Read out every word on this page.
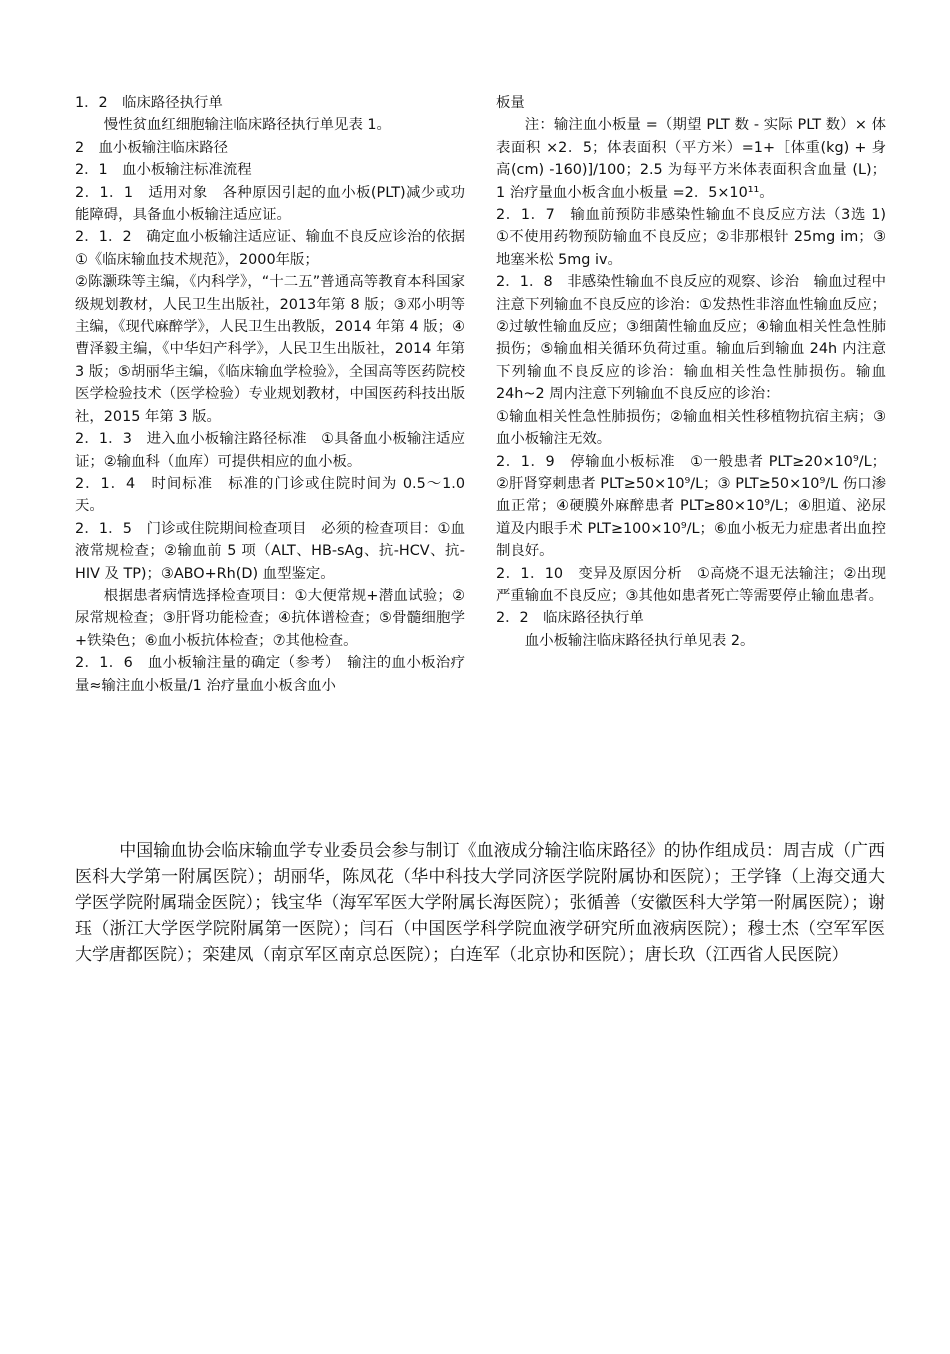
1．2　临床路径执行单

慢性贫血红细胞输注临床路径执行单见表 1。

2　血小板输注临床路径

2．1　血小板输注标准流程

2．1．1　适用对象　各种原因引起的血小板(PLT)减少或功能障碍，具备血小板输注适应证。

2．1．2　确定血小板输注适应证、输血不良反应诊治的依据　①《临床输血技术规范》，2000年版；

②陈灏珠等主编，《内科学》，“十二五”普通高等教育本科国家级规划教材，人民卫生出版社，2013年第 8 版；③邓小明等主编，《现代麻醉学》，人民卫生出教版，2014 年第 4 版；④曹泽毅主编，《中华妇产科学》，人民卫生出版社，2014 年第 3 版；⑤胡丽华主编，《临床输血学检验》，全国高等医药院校医学检验技术（医学检验）专业规划教材，中国医药科技出版社，2015 年第 3 版。

2．1．3　进入血小板输注路径标准　①具备血小板输注适应证；②输血科（血库）可提供相应的血小板。

2．1．4　时间标准　标准的门诊或住院时间为 0.5～1.0 天。

2．1．5　门诊或住院期间检查项目　必须的检查项目：①血液常规检查；②输血前 5 项（ALT、HB-sAg、抗-HCV、抗-HIV 及 TP)；③ABO+Rh(D) 血型鉴定。

根据患者病情选择检查项目：①大便常规+潜血试验；②尿常规检查；③肝肾功能检查；④抗体谱检查；⑤骨髓细胞学+铁染色；⑥血小板抗体检查；⑦其他检查。

2．1．6　血小板输注量的确定（参考）　输注的血小板治疗量≈输注血小板量/1 治疗量血小板含血小

板量

注：输注血小板量 =（期望 PLT 数 - 实际 PLT 数）× 体表面积 ×2．5；体表面积（平方米）=1+［体重(kg) + 身高(cm) -160)]/100；2.5 为每平方米体表面积含血量 (L)；1 治疗量血小板含血小板量 =2．5×10¹¹。

2．1．7　输血前预防非感染性输血不良反应方法（3选 1)　①不使用药物预防输血不良反应；②非那根针 25mg im；③地塞米松 5mg iv。

2．1．8　非感染性输血不良反应的观察、诊治　输血过程中注意下列输血不良反应的诊治：①发热性非溶血性输血反应；②过敏性输血反应；③细菌性输血反应；④输血相关性急性肺损伤；⑤输血相关循环负荷过重。输血后到输血 24h 内注意下列输血不良反应的诊治：输血相关性急性肺损伤。输血 24h~2 周内注意下列输血不良反应的诊治：

①输血相关性急性肺损伤；②输血相关性移植物抗宿主病；③血小板输注无效。

2．1．9　停输血小板标准　①一般患者 PLT≥20×10⁹/L；②肝肾穿刺患者 PLT≥50×10⁹/L；③ PLT≥50×10⁹/L 伤口渗血正常；④硬膜外麻醉患者 PLT≥80×10⁹/L；④胆道、泌尿道及内眼手术 PLT≥100×10⁹/L；⑥血小板无力症患者出血控制良好。

2．1．10　变异及原因分析　①高烧不退无法输注；②出现严重输血不良反应；③其他如患者死亡等需要停止输血患者。

2．2　临床路径执行单

血小板输注临床路径执行单见表 2。

中国输血协会临床输血学专业委员会参与制订《血液成分输注临床路径》的协作组成员：周吉成（广西医科大学第一附属医院）；胡丽华，陈凤花（华中科技大学同济医学院附属协和医院）；王学锋（上海交通大学医学院附属瑞金医院）；钱宝华（海军军医大学附属长海医院）；张循善（安徽医科大学第一附属医院）；谢珏（浙江大学医学院附属第一医院）；闫石（中国医学科学院血液学研究所血液病医院）；穆士杰（空军军医大学唐都医院）；栾建凤（南京军区南京总医院）；白连军（北京协和医院）；唐长玖（江西省人民医院）
